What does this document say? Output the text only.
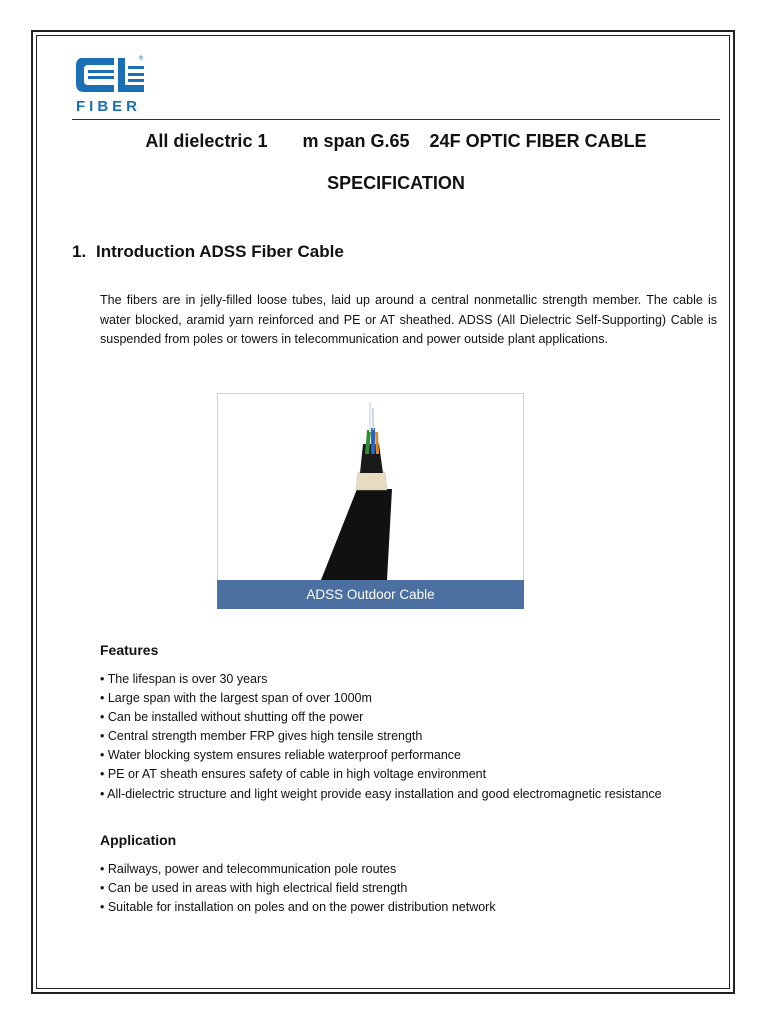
®
FIBER
All dielectric 1 m span G.65 24F OPTIC FIBER CABLE
SPECIFICATION
1. Introduction ADSS Fiber Cable

The fibers are in jelly-filled loose tubes, laid up around a central nonmetallic strength member. The cable is water blocked, aramid yarn reinforced and PE or AT sheathed. ADSS (All Dielectric Self-Supporting) Cable is suspended from poles or towers in telecommunication and power outside plant applications.

ADSS Outdoor Cable
Features
• The lifespan is over 30 years
• Large span with the largest span of over 1000m
• Can be installed without shutting off the power
• Central strength member FRP gives high tensile strength
• Water blocking system ensures reliable waterproof performance
• PE or AT sheath ensures safety of cable in high voltage environment
• All-dielectric structure and light weight provide easy installation and good electromagnetic resistance
Application
• Railways, power and telecommunication pole routes
• Can be used in areas with high electrical field strength
• Suitable for installation on poles and on the power distribution network
